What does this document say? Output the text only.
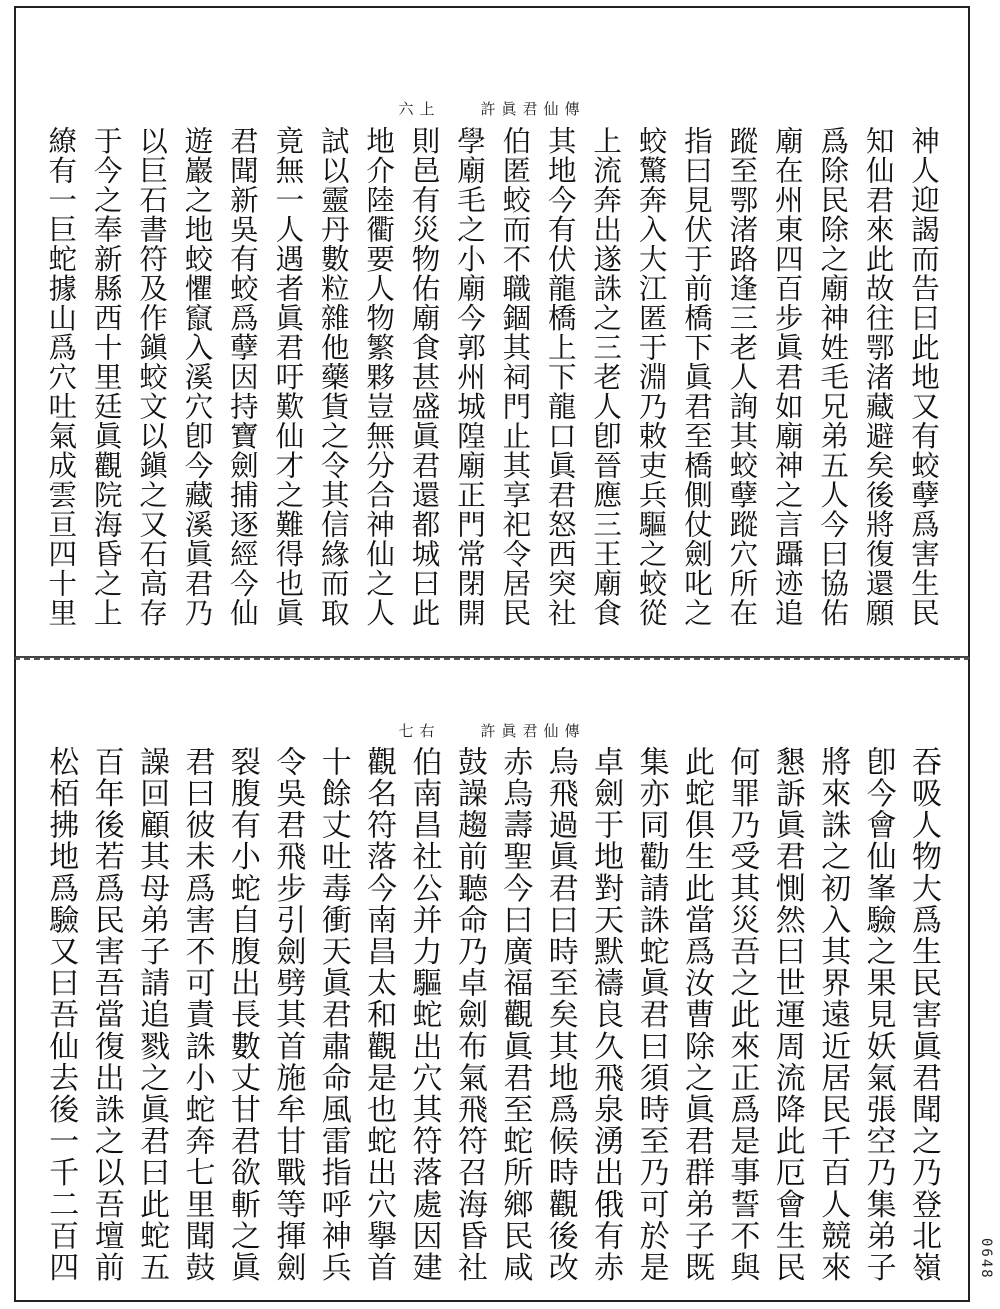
六上	許眞君仙傳
神人迎謁而告曰此地又有蛟孽爲害生民
知仙君來此故往鄂渚藏避矣後將復還願
爲除民除之廟神姓毛兄弟五人今曰協佑
廟在州東四百步眞君如廟神之言躡迹追
蹤至鄂渚路逢三老人詢其蛟孽蹤穴所在
指曰見伏于前橋下眞君至橋側仗劍叱之
蛟驚奔入大江匿于淵乃敕吏兵驅之蛟從
上流奔出遂誅之三老人卽晉應三王廟食
其地今有伏龍橋上下龍口眞君怒西突社
伯匿蛟而不職錮其祠門止其享祀令居民
學廟毛之小廟今郭州城隍廟正門常閉開
則邑有災物佑廟食甚盛眞君還都城曰此
地介陸衢要人物繁夥豈無分合神仙之人
試以靈丹數粒雜他藥貨之令其信緣而取
竟無一人遇者眞君吁歎仙才之難得也眞
君聞新吳有蛟爲孽因持寶劍捕逐經今仙
遊巖之地蛟懼竄入溪穴卽今藏溪眞君乃
以巨石書符及作鎭蛟文以鎭之又石高存
于今之奉新縣西十里廷眞觀院海昏之上
繚有一巨蛇據山爲穴吐氣成雲亘四十里
七右	許眞君仙傳
吞吸人物大爲生民害眞君聞之乃登北嶺
卽今會仙峯驗之果見妖氣張空乃集弟子
將來誅之初入其界遠近居民千百人競來
懇訴眞君惻然曰世運周流降此厄會生民
何罪乃受其災吾之此來正爲是事誓不與
此蛇俱生此當爲汝曹除之眞君群弟子既
集亦同勸請誅蛇眞君曰須時至乃可於是
卓劍于地對天默禱良久飛泉湧出俄有赤
烏飛過眞君曰時至矣其地爲候時觀後改
赤烏壽聖今曰廣福觀眞君至蛇所鄉民咸
鼓譟趨前聽命乃卓劍布氣飛符召海昏社
伯南昌社公并力驅蛇出穴其符落處因建
觀名符落今南昌太和觀是也蛇出穴擧首
十餘丈吐毒衝天眞君肅命風雷指呼神兵
令吳君飛步引劍劈其首施牟甘戰等揮劍
裂腹有小蛇自腹出長數丈甘君欲斬之眞
君曰彼未爲害不可責誅小蛇奔七里聞鼓
譟回顧其母弟子請追戮之眞君曰此蛇五
百年後若爲民害吾當復出誅之以吾壇前
松栢拂地爲驗又曰吾仙去後一千二百四	0648
